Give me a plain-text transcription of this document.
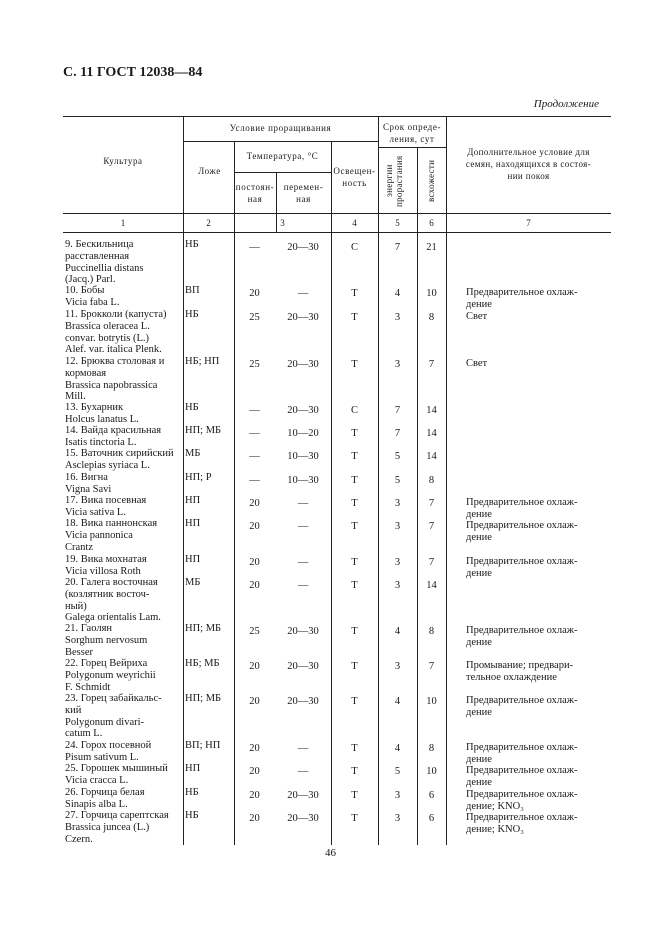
С. 11 ГОСТ 12038—84
Продолжение
Культура
Условие проращивания
Ложе
Температура, °С
постоян-
ная
перемен-
ная
Освещен-
ность
Срок опреде-
ления, сут
энергии
прорастания	всхожести
Дополнительное условие для
семян, находящихся в состоя-
нии покоя
1	2	3	4	5	6	7
9. Бескильница
расставленная
Puccinellia distans
(Jacq.) Parl.
НБ	—	20—30	С	7	21
10. Бобы
Vicia faba L.
ВП	20	—	Т	4	10	Предварительное охлаж-
дение
11. Брокколи (капуста)
Brassica oleracea L.
convar. botrytis (L.)
Alef. var. italica Plenk.
НБ	25	20—30	Т	3	8	Свет
12. Брюква столовая и
кормовая
Brassica napobrassica
Mill.
НБ; НП	25	20—30	Т	3	7	Свет
13. Бухарник
Holcus lanatus L.
НБ	—	20—30	С	7	14
14. Вайда красильная
Isatis tinctoria L.
НП; МБ	—	10—20	Т	7	14
15. Ваточник сирийский
Asclepias syriaca L.
МБ	—	10—30	Т	5	14
16. Вигна
Vigna Savi
НП; Р	—	10—30	Т	5	8
17. Вика посевная
Vicia sativa L.
НП	20	—	Т	3	7	Предварительное охлаж-
дение
18. Вика паннонская
Vicia pannonica
Crantz
НП	20	—	Т	3	7	Предварительное охлаж-
дение
19. Вика мохнатая
Vicia villosa Roth
НП	20	—	Т	3	7	Предварительное охлаж-
дение
20. Галега восточная
(козлятник восточ-
ный)
Galega orientalis Lam.
МБ	20	—	Т	3	14
21. Гаолян
Sorghum nervosum
Besser
НП; МБ	25	20—30	Т	4	8	Предварительное охлаж-
дение
22. Горец Вейриха
Polygonum weyrichii
F. Schmidt
НБ; МБ	20	20—30	Т	3	7	Промывание; предвари-
тельное охлаждение
23. Горец забайкальс-
кий
Polygonum divari-
catum L.
НП; МБ	20	20—30	Т	4	10	Предварительное охлаж-
дение
24. Горох посевной
Pisum sativum L.
ВП; НП	20	—	Т	4	8	Предварительное охлаж-
дение
25. Горошек мышиный
Vicia cracca L.
НП	20	—	Т	5	10	Предварительное охлаж-
дение
26. Горчица белая
Sinapis alba L.
НБ	20	20—30	Т	3	6	Предварительное охлаж-
дение; KNO₃
27. Горчица сарептская
Brassica juncea (L.)
Czern.
НБ	20	20—30	Т	3	6	Предварительное охлаж-
дение; KNO₃
46
